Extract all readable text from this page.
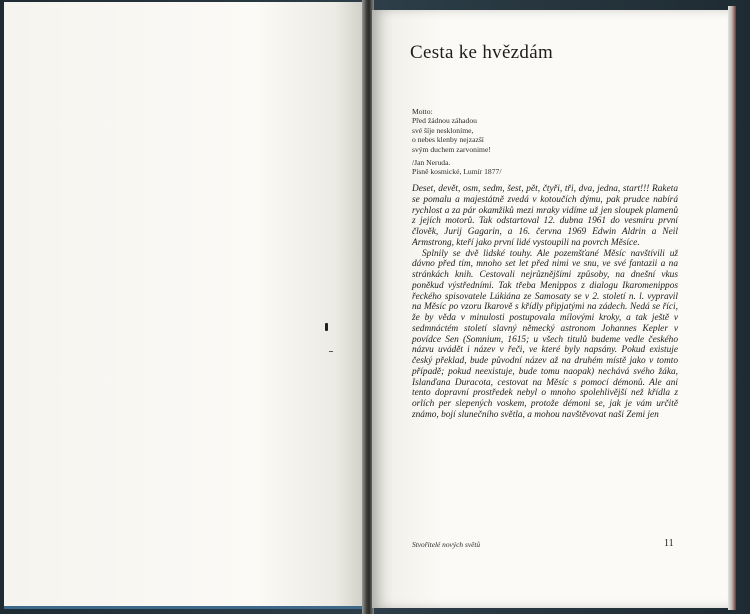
Cesta ke hvězdám
Motto:
Před žádnou záhadou
své šíje neskloníme,
o nebes klenby nejzazší
svým duchem zarvonime!
/Jan Neruda.
Písně kosmické, Lumír 1877/

Deset, devět, osm, sedm, šest, pět, čtyři, tři, dva, jedna, start!!! Raketa se pomalu a majestátně zvedá v kotoučích dýmu, pak prudce nabírá rychlost a za pár okamžiků mezi mraky vidíme už jen sloupek plamenů z jejích motorů. Tak odstartoval 12. dubna 1961 do vesmíru první člověk, Jurij Gagarin, a 16. června 1969 Edwin Aldrin a Neil Armstrong, kteří jako první lidé vystoupili na povrch Měsíce.

Splnily se dvě lidské touhy. Ale pozemšťané Měsíc navštívili už dávno před tím, mnoho set let před nimi ve snu, ve své fantazii a na stránkách knih. Cestovali nejrůznějšími způsoby, na dnešní vkus poněkud výstředními. Tak třeba Menippos z dialogu Ikaromenippos řeckého spisovatele Lúkiána ze Samosaty se v 2. století n. l. vypravil na Měsíc po vzoru Ikarově s křídly připjatými na zádech. Nedá se říci, že by věda v minulosti postupovala mílovými kroky, a tak ještě v sedmnáctém století slavný německý astronom Johannes Kepler v povídce Sen (Somnium, 1615; u všech titulů budeme vedle českého názvu uvádět i název v řeči, ve které byly napsány. Pokud existuje český překlad, bude původní název až na druhém místě jako v tomto případě; pokud neexistuje, bude tomu naopak) nechává svého žáka, Islanďana Duracota, cestovat na Měsíc s pomocí démonů. Ale ani tento dopravní prostředek nebyl o mnoho spolehlivější než křídla z orlích per slepených voskem, protože démoni se, jak je vám určitě známo, bojí slunečního světla, a mohou navštěvovat naši Zemi jen

Stvořitelé nových světů	11
